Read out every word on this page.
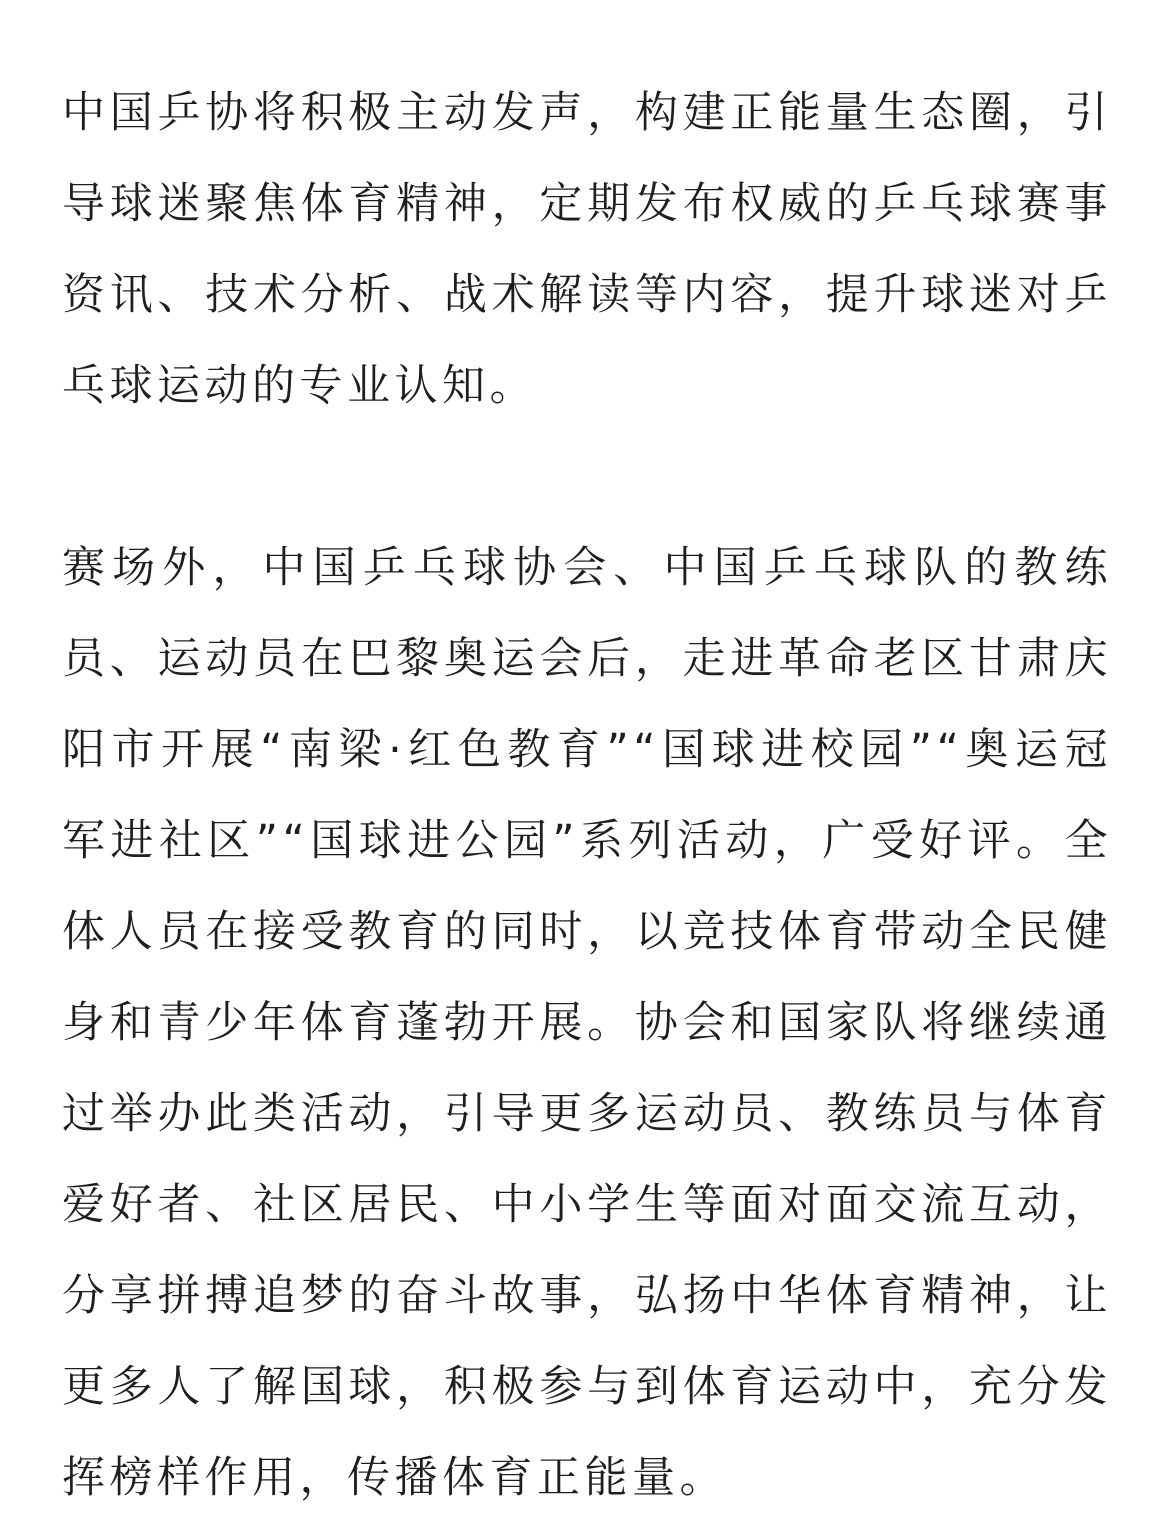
中国乒协将积极主动发声，构建正能量生态圈，引导球迷聚焦体育精神，定期发布权威的乒乓球赛事资讯、技术分析、战术解读等内容，提升球迷对乒乓球运动的专业认知。

赛场外，中国乒乓球协会、中国乒乓球队的教练员、运动员在巴黎奥运会后，走进革命老区甘肃庆阳市开展“南梁·红色教育”“国球进校园”“奥运冠军进社区”“国球进公园”系列活动，广受好评。全体人员在接受教育的同时，以竞技体育带动全民健身和青少年体育蓬勃开展。协会和国家队将继续通过举办此类活动，引导更多运动员、教练员与体育爱好者、社区居民、中小学生等面对面交流互动，分享拼搏追梦的奋斗故事，弘扬中华体育精神，让更多人了解国球，积极参与到体育运动中，充分发挥榜样作用，传播体育正能量。
